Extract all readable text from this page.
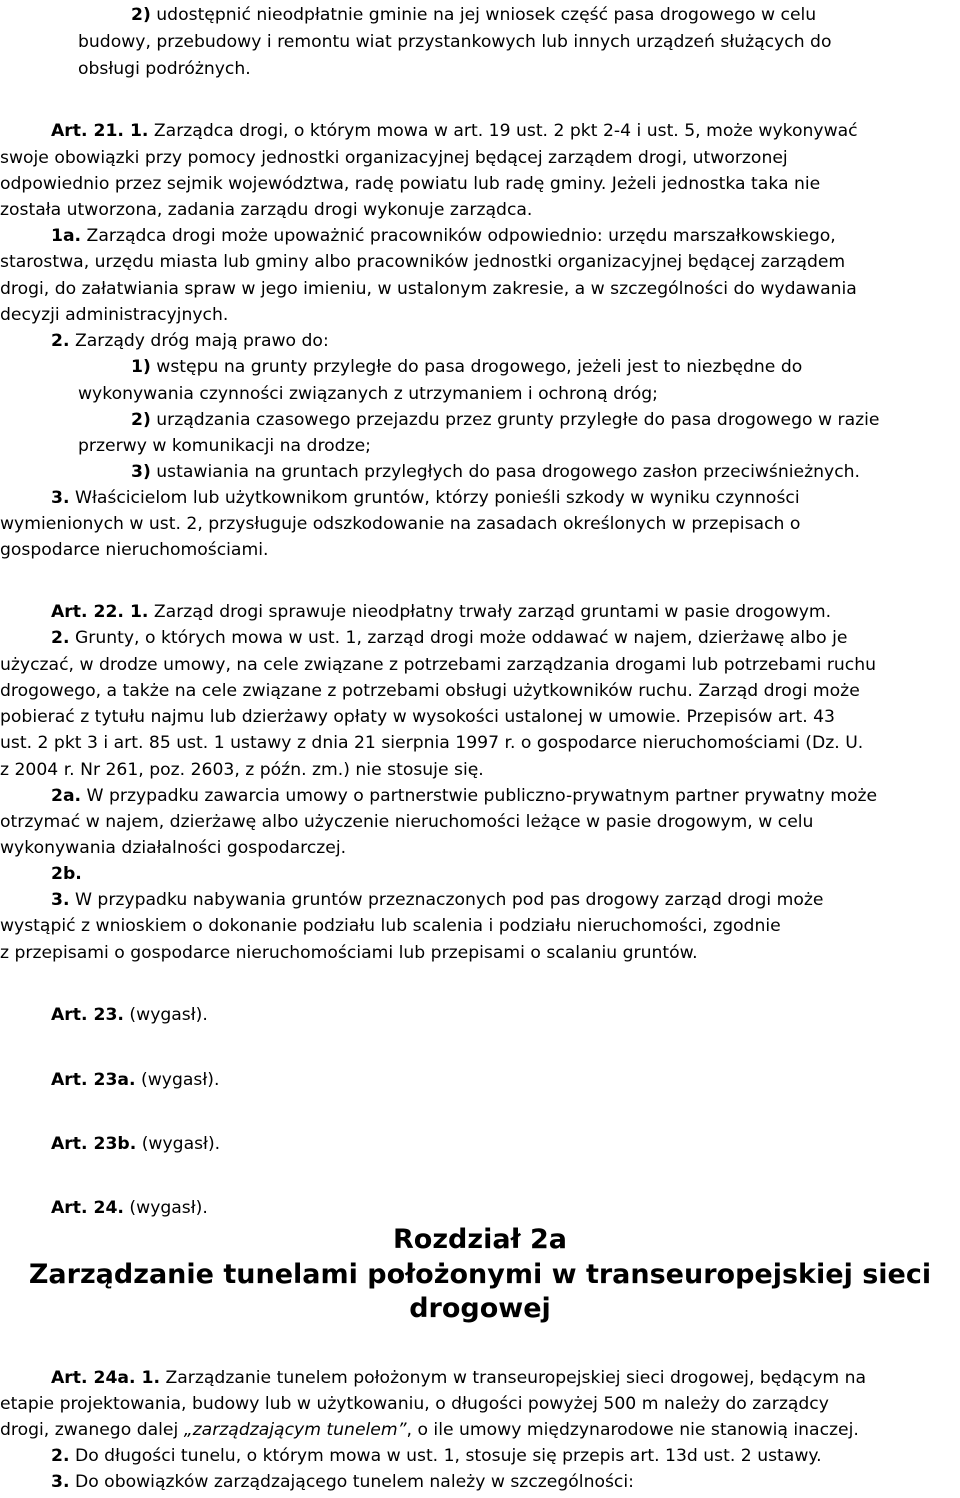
2) udostępnić nieodpłatnie gminie na jej wniosek część pasa drogowego w celu
budowy, przebudowy i remontu wiat przystankowych lub innych urządzeń służących do
obsługi podróżnych.
Art. 21. 1. Zarządca drogi, o którym mowa w art. 19 ust. 2 pkt 2-4 i ust. 5, może wykonywać
swoje obowiązki przy pomocy jednostki organizacyjnej będącej zarządem drogi, utworzonej
odpowiednio przez sejmik województwa, radę powiatu lub radę gminy. Jeżeli jednostka taka nie
została utworzona, zadania zarządu drogi wykonuje zarządca.
1a. Zarządca drogi może upoważnić pracowników odpowiednio: urzędu marszałkowskiego,
starostwa, urzędu miasta lub gminy albo pracowników jednostki organizacyjnej będącej zarządem
drogi, do załatwiania spraw w jego imieniu, w ustalonym zakresie, a w szczególności do wydawania
decyzji administracyjnych.
2. Zarządy dróg mają prawo do:
1) wstępu na grunty przyległe do pasa drogowego, jeżeli jest to niezbędne do
wykonywania czynności związanych z utrzymaniem i ochroną dróg;
2) urządzania czasowego przejazdu przez grunty przyległe do pasa drogowego w razie
przerwy w komunikacji na drodze;
3) ustawiania na gruntach przyległych do pasa drogowego zasłon przeciwśnieżnych.
3. Właścicielom lub użytkownikom gruntów, którzy ponieśli szkody w wyniku czynności
wymienionych w ust. 2, przysługuje odszkodowanie na zasadach określonych w przepisach o
gospodarce nieruchomościami.
Art. 22. 1. Zarząd drogi sprawuje nieodpłatny trwały zarząd gruntami w pasie drogowym.
2. Grunty, o których mowa w ust. 1, zarząd drogi może oddawać w najem, dzierżawę albo je
użyczać, w drodze umowy, na cele związane z potrzebami zarządzania drogami lub potrzebami ruchu
drogowego, a także na cele związane z potrzebami obsługi użytkowników ruchu. Zarząd drogi może
pobierać z tytułu najmu lub dzierżawy opłaty w wysokości ustalonej w umowie. Przepisów art. 43
ust. 2 pkt 3 i art. 85 ust. 1 ustawy z dnia 21 sierpnia 1997 r. o gospodarce nieruchomościami (Dz. U.
z 2004 r. Nr 261, poz. 2603, z późn. zm.) nie stosuje się.
2a. W przypadku zawarcia umowy o partnerstwie publiczno-prywatnym partner prywatny może
otrzymać w najem, dzierżawę albo użyczenie nieruchomości leżące w pasie drogowym, w celu
wykonywania działalności gospodarczej.
2b.
3. W przypadku nabywania gruntów przeznaczonych pod pas drogowy zarząd drogi może
wystąpić z wnioskiem o dokonanie podziału lub scalenia i podziału nieruchomości, zgodnie
z przepisami o gospodarce nieruchomościami lub przepisami o scalaniu gruntów.
Art. 23. (wygasł).
Art. 23a. (wygasł).
Art. 23b. (wygasł).
Art. 24. (wygasł).
Rozdział 2a
Zarządzanie tunelami położonymi w transeuropejskiej sieci
drogowej
Art. 24a. 1. Zarządzanie tunelem położonym w transeuropejskiej sieci drogowej, będącym na
etapie projektowania, budowy lub w użytkowaniu, o długości powyżej 500 m należy do zarządcy
drogi, zwanego dalej „zarządzającym tunelem”, o ile umowy międzynarodowe nie stanowią inaczej.
2. Do długości tunelu, o którym mowa w ust. 1, stosuje się przepis art. 13d ust. 2 ustawy.
3. Do obowiązków zarządzającego tunelem należy w szczególności:
